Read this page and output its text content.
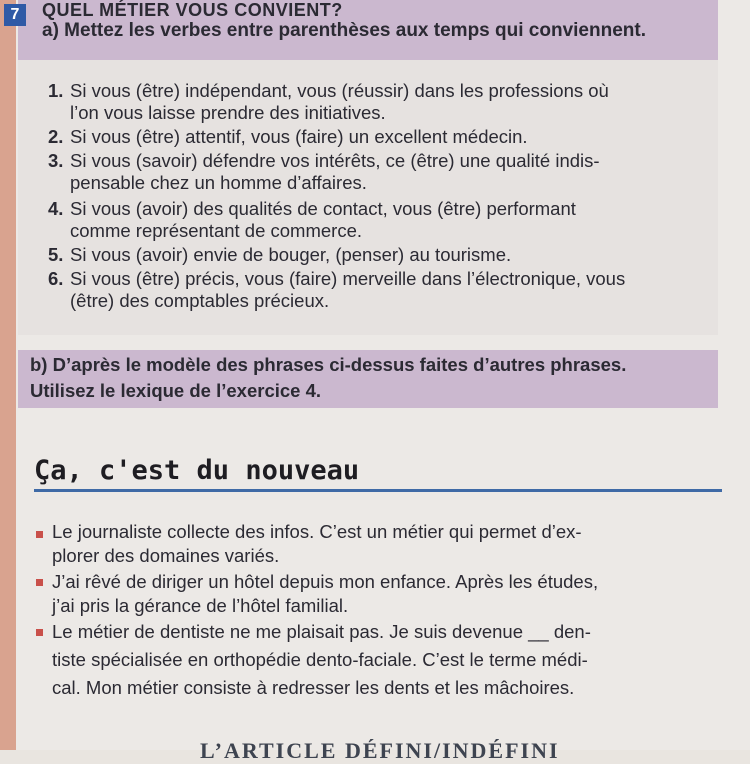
7	QUEL MÉTIER VOUS CONVIENT?
a) Mettez les verbes entre parenthèses aux temps qui conviennent.
1. Si vous (être) indépendant, vous (réussir) dans les professions où
l’on vous laisse prendre des initiatives.
2. Si vous (être) attentif, vous (faire) un excellent médecin.
3. Si vous (savoir) défendre vos intérêts, ce (être) une qualité indis-
pensable chez un homme d’affaires.
4. Si vous (avoir) des qualités de contact, vous (être) performant
comme représentant de commerce.
5. Si vous (avoir) envie de bouger, (penser) au tourisme.
6. Si vous (être) précis, vous (faire) merveille dans l’électronique, vous
(être) des comptables précieux.
b) D’après le modèle des phrases ci-dessus faites d’autres phrases.
Utilisez le lexique de l’exercice 4.
Ça, c'est du nouveau
Le journaliste collecte des infos. C’est un métier qui permet d’ex-
plorer des domaines variés.
J’ai rêvé de diriger un hôtel depuis mon enfance. Après les études,
j’ai pris la gérance de l’hôtel familial.
Le métier de dentiste ne me plaisait pas. Je suis devenue __ den-
tiste spécialisée en orthopédie dento-faciale. C’est le terme médi-
cal. Mon métier consiste à redresser les dents et les mâchoires.
L’ARTICLE DÉFINI/INDÉFINI
